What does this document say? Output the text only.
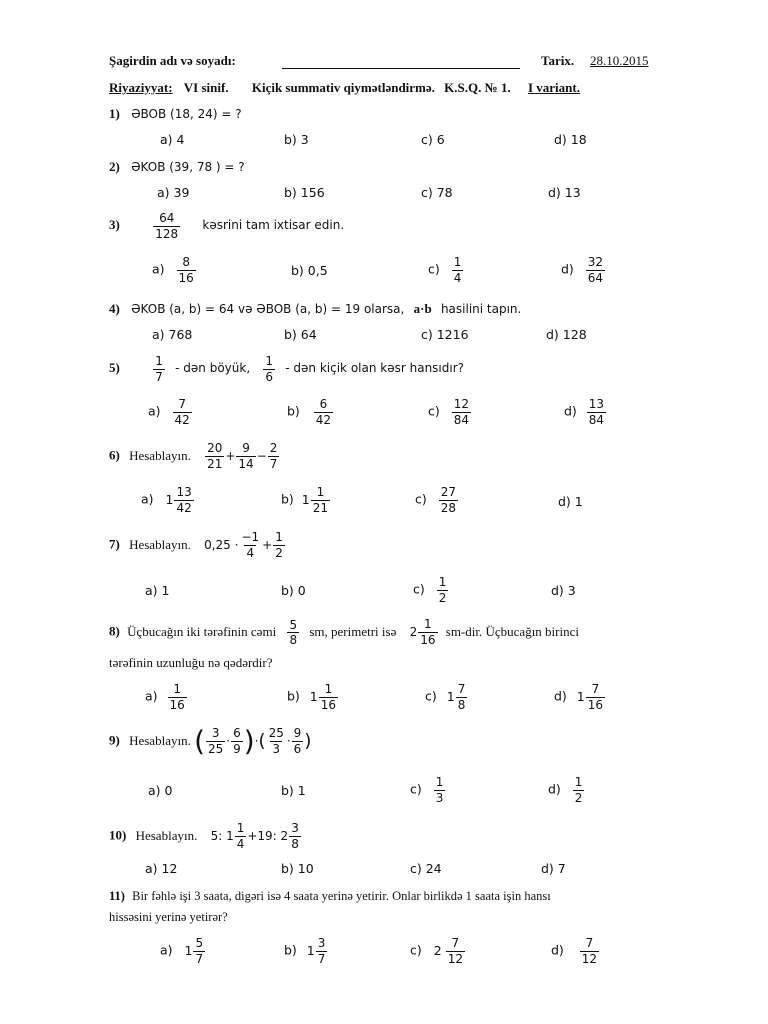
Şagirdin adı və soyadı:	Tarix. 28.10.2015
Riyaziyyat: VI sinif. Kiçik summativ qiymətləndirmə. K.S.Q. № 1. I variant.
1) ƏBOB (18, 24) = ?
a) 4	b) 3	c) 6	d) 18
2) ƏKOB (39, 78 ) = ?
a) 39	b) 156	c) 78	d) 13
3)	$\frac{64}{128}$ kəsrini tam ixtisar edin.
$a) \frac{8}{16}$	b) 0,5	$c) \frac{1}{4}$	$d) \frac{32}{64}$
4) ƏKOB (a, b) = 64 və ƏBOB (a, b) = 19 olarsa, a·b hasilini tapın.
a) 768	b) 64	c) 1216	d) 128
5)	$\frac{1}{7}$ - dən böyük, $\frac{1}{6}$ - dən kiçik olan kəsr hansıdır?
$a) \frac{7}{42}$	$b) \frac{6}{42}$	$c) \frac{12}{84}$	$d) \frac{13}{84}$
6) Hesablayın. $\frac{20}{21} + \frac{9}{14} - \frac{2}{7}$
a) $1 \frac{13}{42}$	b) $1 \frac{1}{21}$	$c) \frac{27}{28}$	d) 1
7) Hesablayın. $0,25 \cdot \frac{-1}{4} + \frac{1}{2}$
a) 1	b) 0	$c) \frac{1}{2}$	d) 3
8) Üçbucağın iki tərəfinin cəmi $\frac{5}{8}$ sm, perimetri isə $2 \frac{1}{16} sm-dir$. Üçbucağın birinci
tərəfinin uzunluğu nə qədərdir?
$a) \frac{1}{16}$	b) $1 \frac{1}{16}$	c) $1 \frac{7}{8}$	d) $1 \frac{7}{16}$
9) Hesablayın. ( $\frac{3}{25} \cdot \frac{6}{9}$ )·( $\frac{25}{3} \cdot \frac{9}{6}$ )
a) 0	b) 1	$c) \frac{1}{3}$	$d) \frac{1}{2}$
10) Hesablayın. 5: $1 \frac{1}{4} +19$: $2 \frac{3}{8}$
a) 12	b) 10	c) 24	d) 7
11) Bir fəhlə işi 3 saata, digəri isə 4 saata yerinə yetirir. Onlar birlikdə 1 saata işin hansı
hissəsini yerinə yetirər?
a) $1 \frac{5}{7}$	b) $1 \frac{3}{7}$	c) $2 \frac{7}{12}$	$d) \frac{7}{12}$
